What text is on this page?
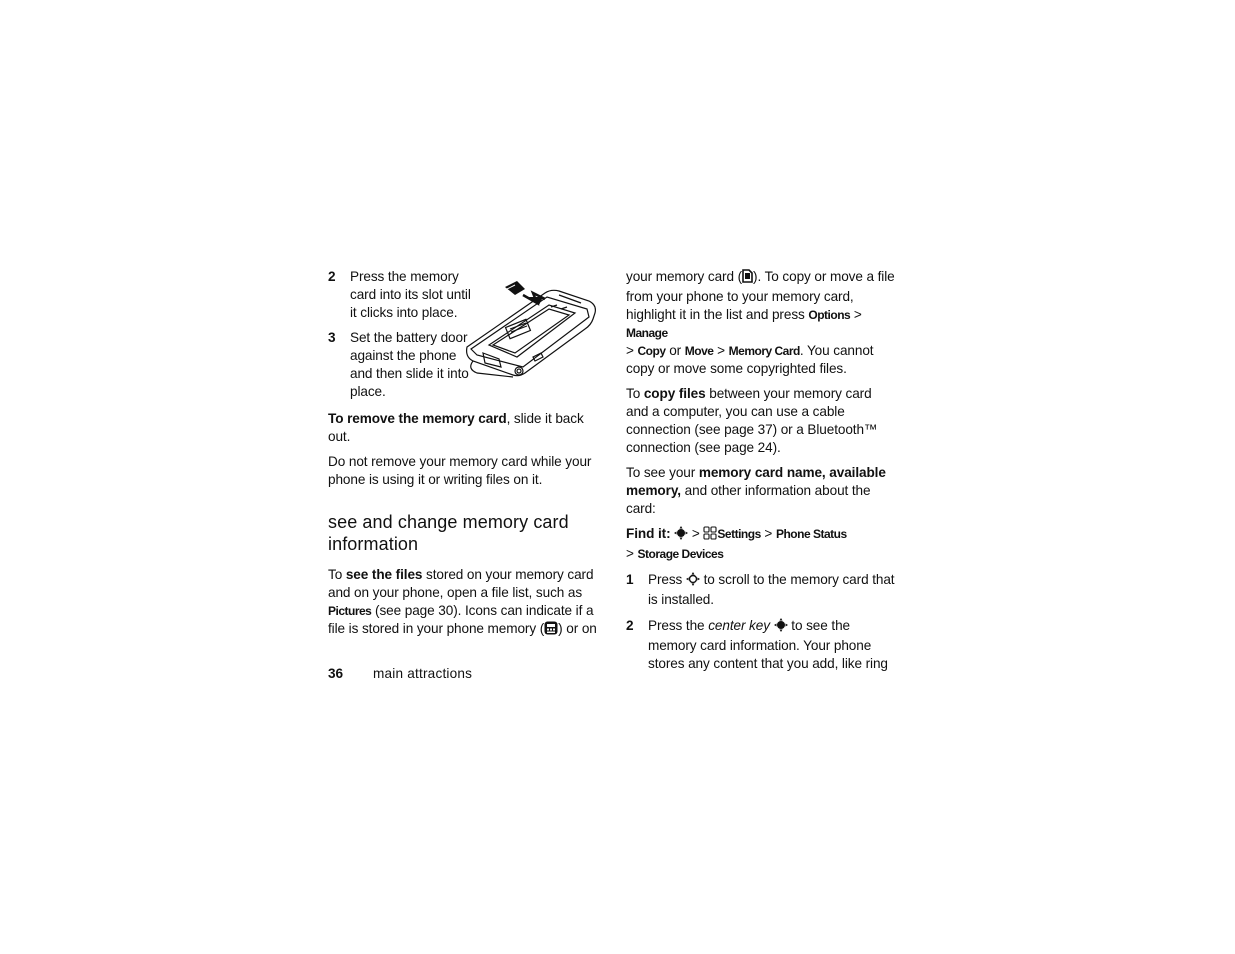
2 Press the memory card into its slot until it clicks into place.
3 Set the battery door against the phone and then slide it into place.

To remove the memory card, slide it back out.

Do not remove your memory card while your phone is using it or writing files on it.

see and change memory card information

To see the files stored on your memory card and on your phone, open a file list, such as Pictures (see page 30). Icons can indicate if a file is stored in your phone memory ( ) or on

your memory card ( ). To copy or move a file from your phone to your memory card, highlight it in the list and press Options > Manage
> Copy or Move > Memory Card. You cannot copy or move some copyrighted files.

To copy files between your memory card and a computer, you can use a cable connection (see page 37) or a Bluetooth™ connection (see page 24).

To see your memory card name, available memory, and other information about the card:

Find it: > Settings > Phone Status
> Storage Devices

1 Press  to scroll to the memory card that is installed.
2 Press the center key  to see the memory card information. Your phone stores any content that you add, like ring
36 main attractions
